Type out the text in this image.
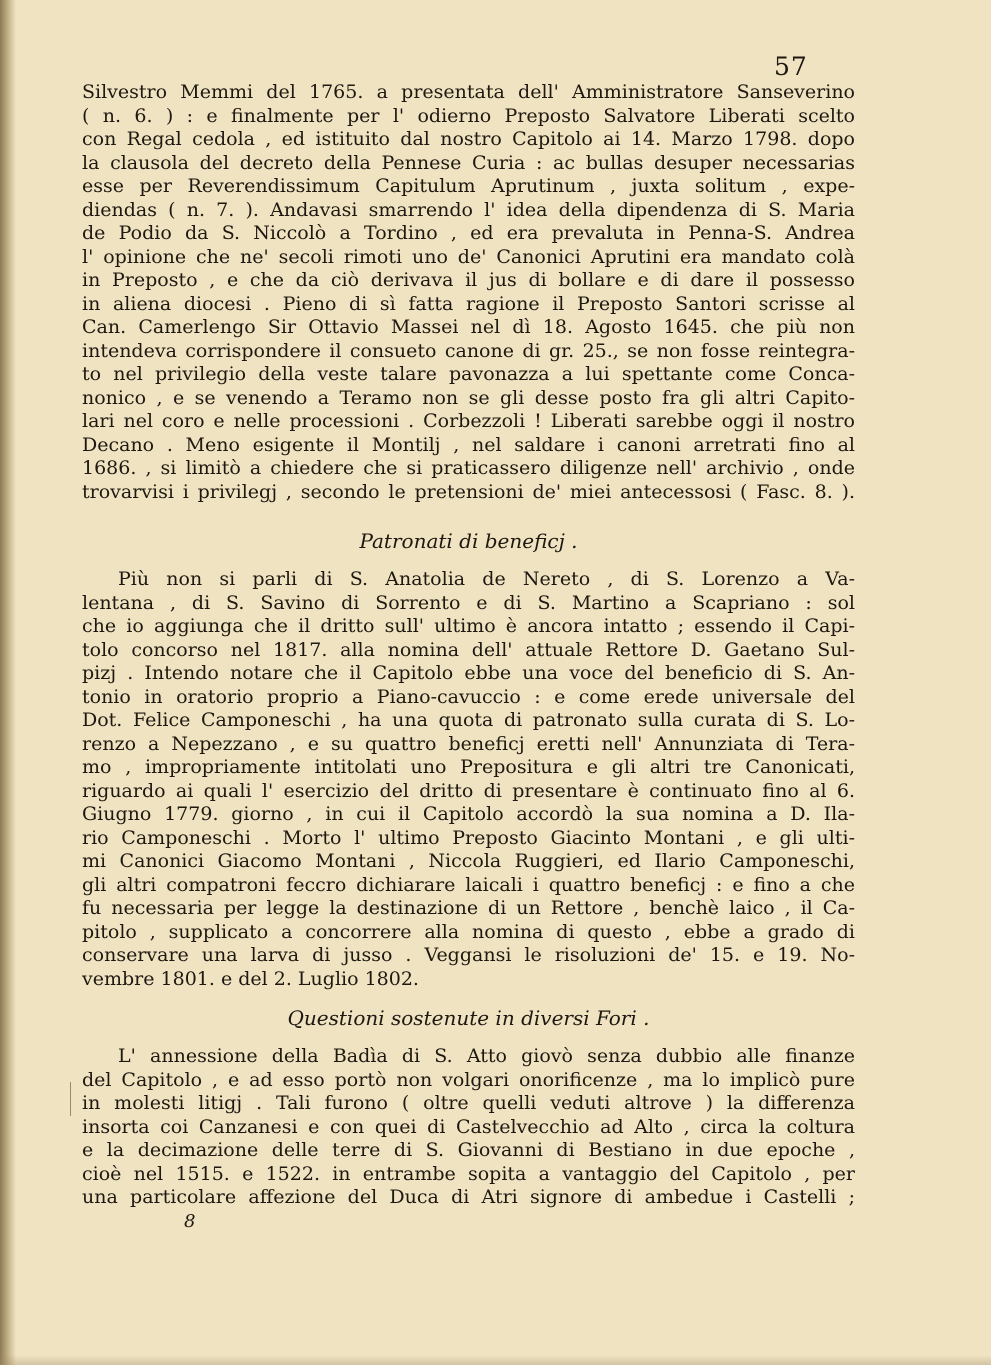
57
Silvestro Memmi del 1765. a presentata dell' Amministratore Sanseverino
( n. 6. ) : e finalmente per l' odierno Preposto Salvatore Liberati scelto
con Regal cedola , ed istituito dal nostro Capitolo ai 14. Marzo 1798. dopo
la clausola del decreto della Pennese Curia : ac bullas desuper necessarias
esse per Reverendissimum Capitulum Aprutinum , juxta solitum , expe-
diendas ( n. 7. ). Andavasi smarrendo l' idea della dipendenza di S. Maria
de Podio da S. Niccolò a Tordino , ed era prevaluta in Penna-S. Andrea
l' opinione che ne' secoli rimoti uno de' Canonici Aprutini era mandato colà
in Preposto , e che da ciò derivava il jus di bollare e di dare il possesso
in aliena diocesi . Pieno di sì fatta ragione il Preposto Santori scrisse al
Can. Camerlengo Sir Ottavio Massei nel dì 18. Agosto 1645. che più non
intendeva corrispondere il consueto canone di gr. 25., se non fosse reintegra-
to nel privilegio della veste talare pavonazza a lui spettante come Conca-
nonico , e se venendo a Teramo non se gli desse posto fra gli altri Capito-
lari nel coro e nelle processioni . Corbezzoli ! Liberati sarebbe oggi il nostro
Decano . Meno esigente il Montilj , nel saldare i canoni arretrati fino al
1686. , si limitò a chiedere che si praticassero diligenze nell' archivio , onde
trovarvisi i privilegj , secondo le pretensioni de' miei antecessosi ( Fasc. 8. ).
Patronati di beneficj .
Più non si parli di S. Anatolia de Nereto , di S. Lorenzo a Va-
lentana , di S. Savino di Sorrento e di S. Martino a Scapriano : sol
che io aggiunga che il dritto sull' ultimo è ancora intatto ; essendo il Capi-
tolo concorso nel 1817. alla nomina dell' attuale Rettore D. Gaetano Sul-
pizj . Intendo notare che il Capitolo ebbe una voce del beneficio di S. An-
tonio in oratorio proprio a Piano-cavuccio : e come erede universale del
Dot. Felice Camponeschi , ha una quota di patronato sulla curata di S. Lo-
renzo a Nepezzano , e su quattro beneficj eretti nell' Annunziata di Tera-
mo , impropriamente intitolati uno Prepositura e gli altri tre Canonicati,
riguardo ai quali l' esercizio del dritto di presentare è continuato fino al 6.
Giugno 1779. giorno , in cui il Capitolo accordò la sua nomina a D. Ila-
rio Camponeschi . Morto l' ultimo Preposto Giacinto Montani , e gli ulti-
mi Canonici Giacomo Montani , Niccola Ruggieri, ed Ilario Camponeschi,
gli altri compatroni feccro dichiarare laicali i quattro beneficj : e fino a che
fu necessaria per legge la destinazione di un Rettore , benchè laico , il Ca-
pitolo , supplicato a concorrere alla nomina di questo , ebbe a grado di
conservare una larva di jusso . Veggansi le risoluzioni de' 15. e 19. No-
vembre 1801. e del 2. Luglio 1802.
Questioni sostenute in diversi Fori .
L' annessione della Badìa di S. Atto giovò senza dubbio alle finanze
del Capitolo , e ad esso portò non volgari onorificenze , ma lo implicò pure
in molesti litigj . Tali furono ( oltre quelli veduti altrove ) la differenza
insorta coi Canzanesi e con quei di Castelvecchio ad Alto , circa la coltura
e la decimazione delle terre di S. Giovanni di Bestiano in due epoche ,
cioè nel 1515. e 1522. in entrambe sopita a vantaggio del Capitolo , per
una particolare affezione del Duca di Atri signore di ambedue i Castelli ;
8
